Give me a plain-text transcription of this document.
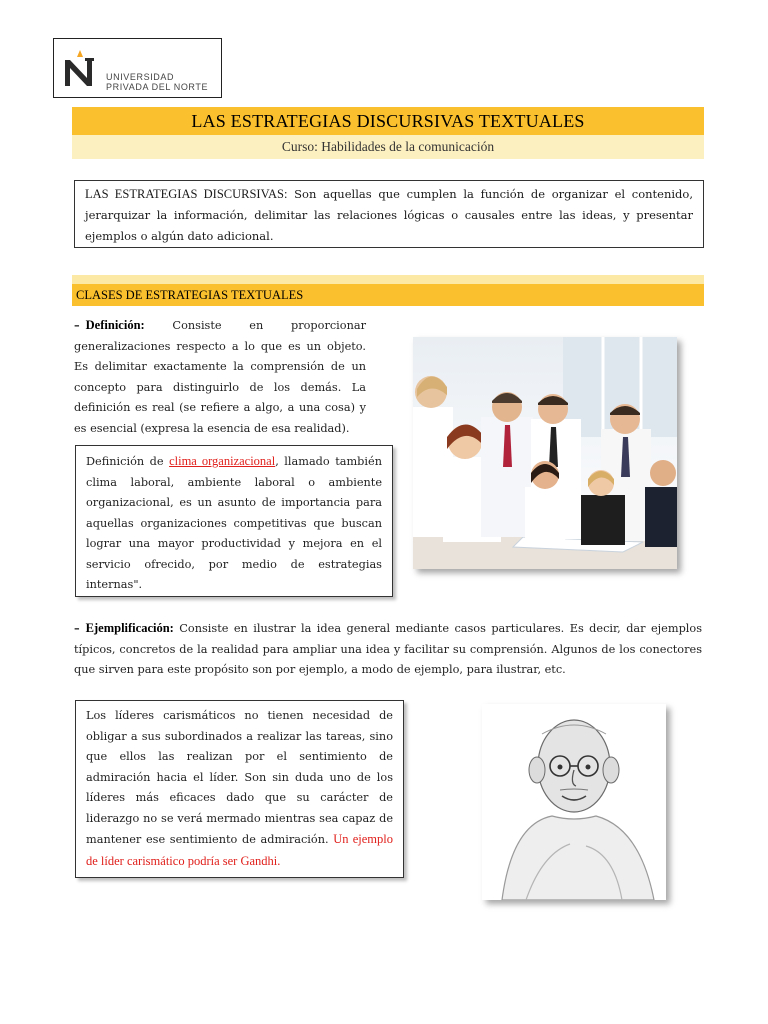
UNIVERSIDAD
PRIVADA DEL NORTE
LAS ESTRATEGIAS DISCURSIVAS TEXTUALES
Curso: Habilidades de la comunicación
LAS ESTRATEGIAS DISCURSIVAS: Son aquellas que cumplen la función de organizar el contenido, jerarquizar la información, delimitar las relaciones lógicas o causales entre las ideas, y presentar ejemplos o algún dato adicional.
CLASES DE ESTRATEGIAS TEXTUALES
– Definición: Consiste en proporcionar generalizaciones respecto a lo que es un objeto. Es delimitar exactamente la comprensión de un concepto para distinguirlo de los demás. La definición es real (se refiere a algo, a una cosa) y es esencial (expresa la esencia de esa realidad).
Definición de clima organizacional, llamado también clima laboral, ambiente laboral o ambiente organizacional, es un asunto de importancia para aquellas organizaciones competitivas que buscan lograr una mayor productividad y mejora en el servicio ofrecido, por medio de estrategias internas".
– Ejemplificación: Consiste en ilustrar la idea general mediante casos particulares. Es decir, dar ejemplos típicos, concretos de la realidad para ampliar una idea y facilitar su comprensión. Algunos de los conectores que sirven para este propósito son por ejemplo, a modo de ejemplo, para ilustrar, etc.
Los líderes carismáticos no tienen necesidad de obligar a sus subordinados a realizar las tareas, sino que ellos las realizan por el sentimiento de admiración hacia el líder. Son sin duda uno de los líderes más eficaces dado que su carácter de liderazgo no se verá mermado mientras sea capaz de mantener ese sentimiento de admiración. Un ejemplo de líder carismático podría ser Gandhi.
